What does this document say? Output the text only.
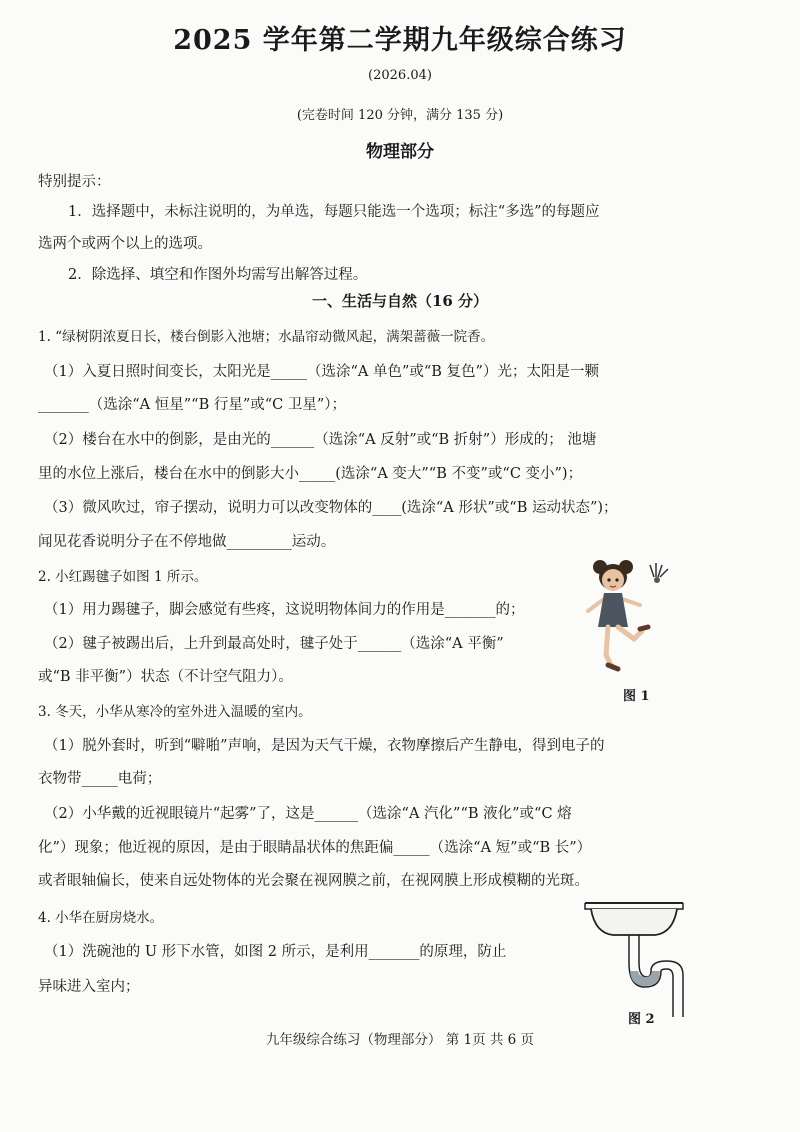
2025 学年第二学期九年级综合练习
(2026.04)
(完卷时间 120 分钟，满分 135 分)
物理部分
特别提示：
1．选择题中，未标注说明的，为单选，每题只能选一个选项；标注“多选”的每题应
选两个或两个以上的选项。
2．除选择、填空和作图外均需写出解答过程。
一、生活与自然（16 分）
1. “绿树阴浓夏日长，楼台倒影入池塘；水晶帘动微风起，满架蔷薇一院香。
（1）入夏日照时间变长，太阳光是_____（选涂“A 单色”或“B 复色”）光；太阳是一颗
_______（选涂“A 恒星”“B 行星”或“C 卫星”）；
（2）楼台在水中的倒影，是由光的______（选涂“A 反射”或“B 折射”）形成的； 池塘
里的水位上涨后，楼台在水中的倒影大小_____(选涂“A 变大”“B 不变”或“C 变小”)；
（3）微风吹过，帘子摆动，说明力可以改变物体的____(选涂“A 形状”或“B 运动状态”)；
闻见花香说明分子在不停地做_________运动。
2. 小红踢毽子如图 1 所示。
（1）用力踢毽子，脚会感觉有些疼，这说明物体间力的作用是_______的；
（2）毽子被踢出后，上升到最高处时，毽子处于______（选涂“A 平衡”
或“B 非平衡”）状态（不计空气阻力）。
图 1
3. 冬天，小华从寒冷的室外进入温暖的室内。
（1）脱外套时，听到“噼啪”声响，是因为天气干燥，衣物摩擦后产生静电，得到电子的
衣物带_____电荷；
（2）小华戴的近视眼镜片“起雾”了，这是______（选涂“A 汽化”“B 液化”或“C 熔
化”）现象；他近视的原因，是由于眼睛晶状体的焦距偏_____（选涂“A 短”或“B 长”）
或者眼轴偏长，使来自远处物体的光会聚在视网膜之前，在视网膜上形成模糊的光斑。
4. 小华在厨房烧水。
（1）洗碗池的 U 形下水管，如图 2 所示，是利用_______的原理，防止
异味进入室内；
图 2
九年级综合练习（物理部分） 第 1页 共 6 页
